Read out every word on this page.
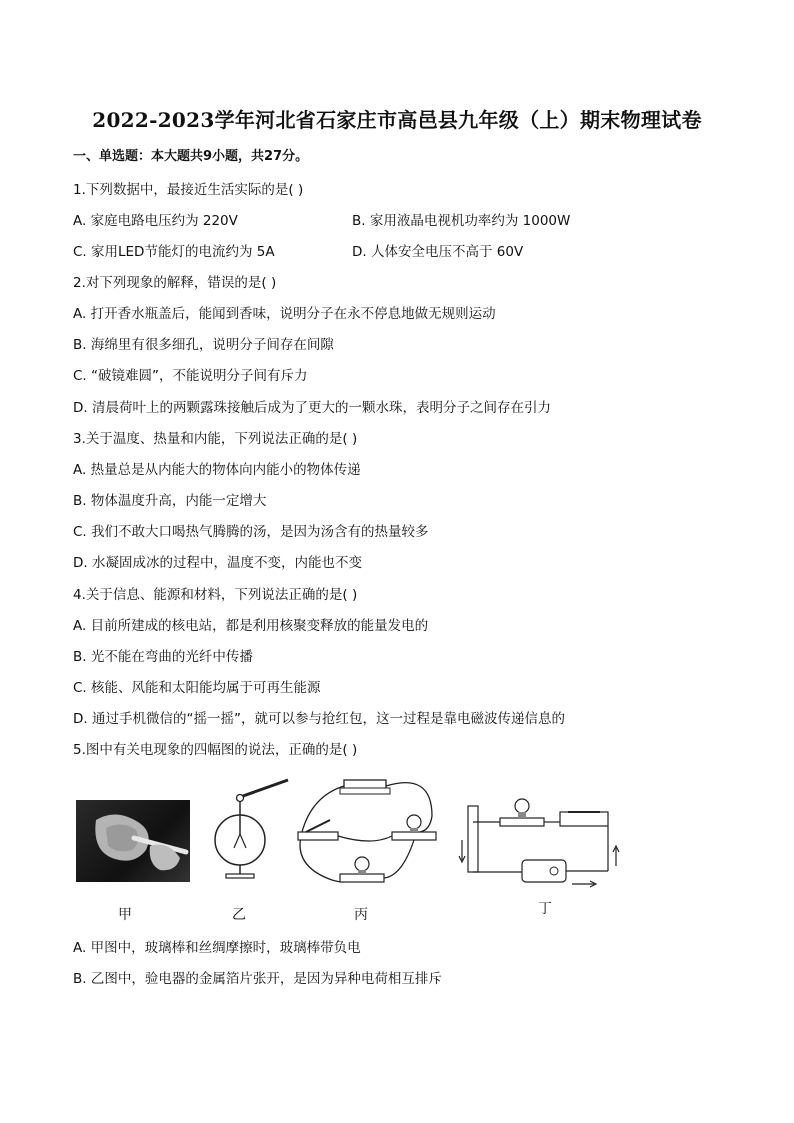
2022-2023学年河北省石家庄市高邑县九年级（上）期末物理试卷
一、单选题：本大题共9小题，共27分。
1.下列数据中，最接近生活实际的是( )
A. 家庭电路电压约为 220V	B. 家用液晶电视机功率约为 1000W
C. 家用LED节能灯的电流约为 5A	D. 人体安全电压不高于 60V
2.对下列现象的解释，错误的是( )
A. 打开香水瓶盖后，能闻到香味，说明分子在永不停息地做无规则运动
B. 海绵里有很多细孔，说明分子间存在间隙
C. “破镜难圆”，不能说明分子间有斥力
D. 清晨荷叶上的两颗露珠接触后成为了更大的一颗水珠，表明分子之间存在引力
3.关于温度、热量和内能，下列说法正确的是( )
A. 热量总是从内能大的物体向内能小的物体传递
B. 物体温度升高，内能一定增大
C. 我们不敢大口喝热气腾腾的汤，是因为汤含有的热量较多
D. 水凝固成冰的过程中，温度不变，内能也不变
4.关于信息、能源和材料，下列说法正确的是( )
A. 目前所建成的核电站，都是利用核聚变释放的能量发电的
B. 光不能在弯曲的光纤中传播
C. 核能、风能和太阳能均属于可再生能源
D. 通过手机微信的“摇一摇”，就可以参与抢红包，这一过程是靠电磁波传递信息的
5.图中有关电现象的四幅图的说法，正确的是( )
甲	乙	丙	丁
A. 甲图中，玻璃棒和丝绸摩擦时，玻璃棒带负电
B. 乙图中，验电器的金属箔片张开，是因为异种电荷相互排斥
